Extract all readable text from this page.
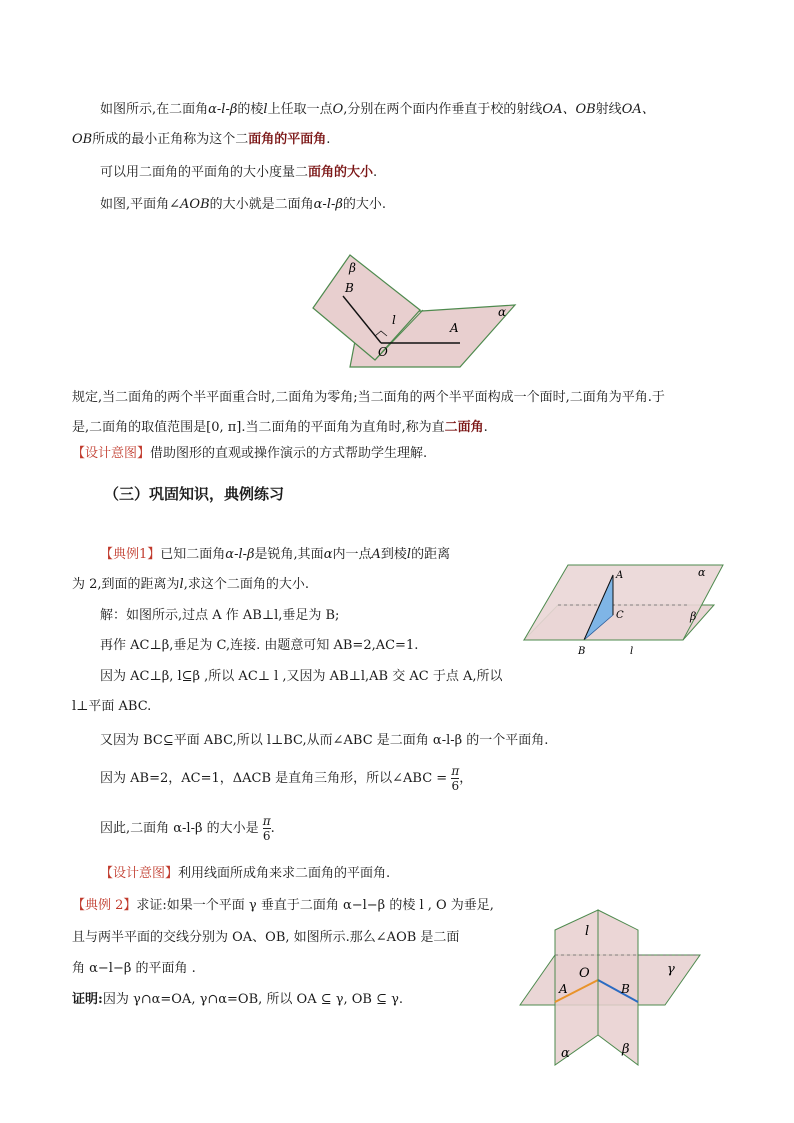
如图所示,在二面角α-l-β的棱l上任取一点O,分别在两个面内作垂直于校的射线OA、OB射线OA、
OB所成的最小正角称为这个二面角的平面角.
可以用二面角的平面角的大小度量二面角的大小.
如图,平面角∠AOB的大小就是二面角α-l-β的大小.
β
B
l
A
α
O
规定,当二面角的两个半平面重合时,二面角为零角;当二面角的两个半平面构成一个面时,二面角为平角.于
是,二面角的取值范围是[0, π].当二面角的平面角为直角时,称为直二面角.
【设计意图】借助图形的直观或操作演示的方式帮助学生理解.
（三）巩固知识，典例练习
【典例1】已知二面角α-l-β是锐角,其面α内一点A到棱l的距离
为 2,到面的距离为l,求这个二面角的大小.
解：如图所示,过点 A 作 AB⊥l,垂足为 B;
再作 AC⊥β,垂足为 C,连接. 由题意可知 AB=2,AC=1.
因为 AC⊥β, l⊆β ,所以 AC⊥ l ,又因为 AB⊥l,AB 交 AC 于点 A,所以
l⊥平面 ABC.
又因为 BC⊆平面 ABC,所以 l⊥BC,从而∠ABC 是二面角 α-l-β 的一个平面角.
因为 AB=2，AC=1，ΔACB 是直角三角形，所以∠ABC = $\frac{\pi}{6}$ ，
因此,二面角 α-l-β 的大小是 $\frac{\pi}{6}$ .
A
C
α
β
B	l
【设计意图】利用线面所成角来求二面角的平面角.
【典例 2】求证:如果一个平面 γ 垂直于二面角 α−l−β 的棱 l , O 为垂足,
且与两半平面的交线分别为 OA、OB, 如图所示.那么∠AOB 是二面
角 α−l−β 的平面角 .
证明:因为 γ∩α=OA, γ∩α=OB, 所以 OA ⊆ γ, OB ⊆ γ.
l
O	γ
A	B
α	β
